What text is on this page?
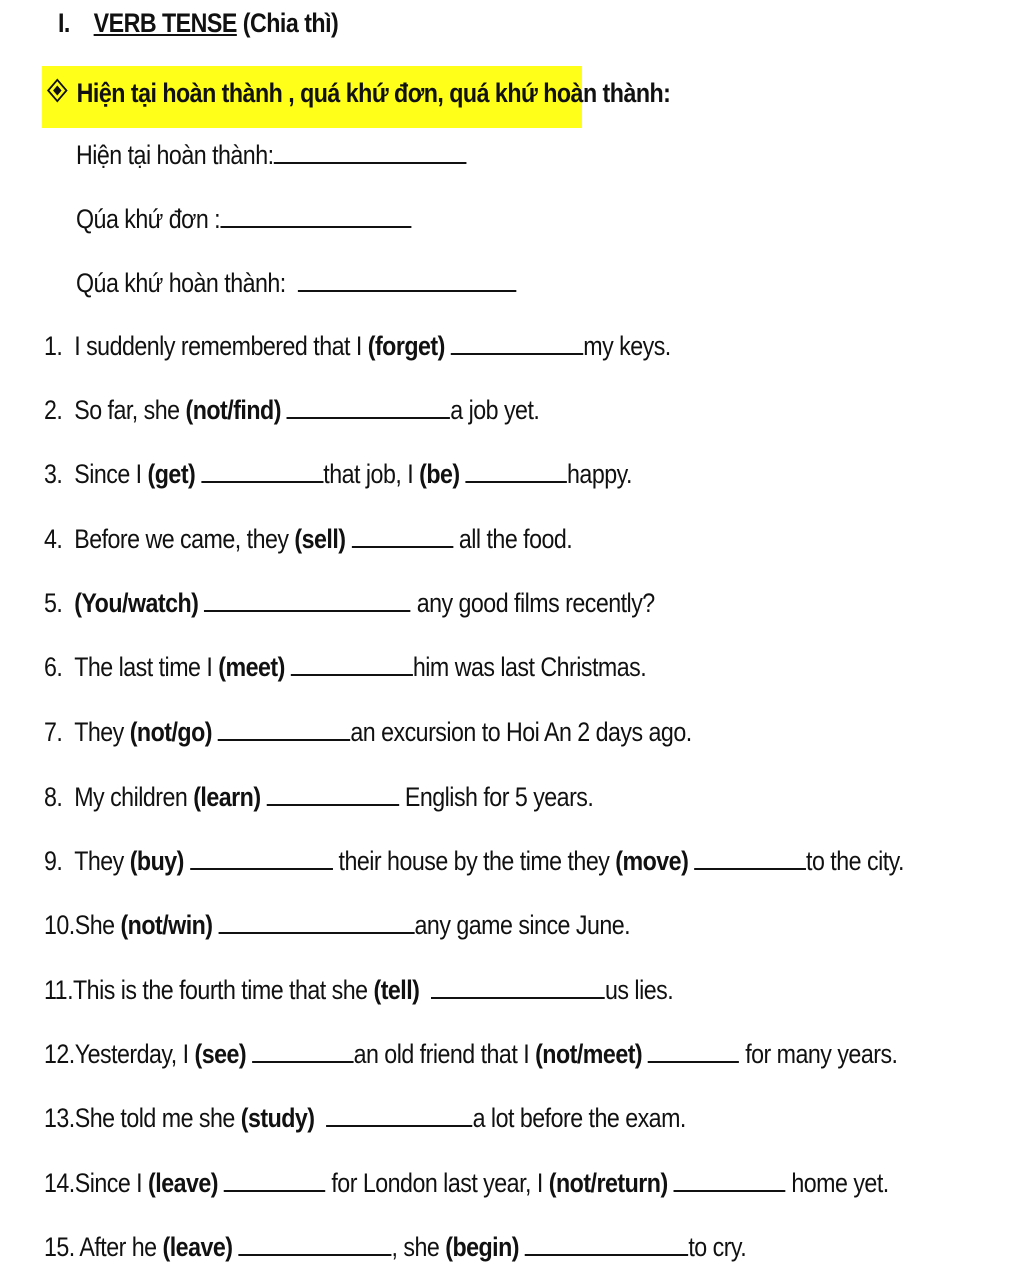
I. VERB TENSE (Chia thì)
Hiện tại hoàn thành , quá khứ đơn, quá khứ hoàn thành:
Hiện tại hoàn thành:
Qúa khứ đơn :
Qúa khứ hoàn thành:
1. I suddenly remembered that I (forget)	my keys.
2. So far, she (not/find)	a job yet.
3. Since I (get)	that job, I (be)	happy.
4. Before we came, they (sell)	all the food.
5. (You/watch)	any good films recently?
6. The last time I (meet)	him was last Christmas.
7. They (not/go)	an excursion to Hoi An 2 days ago.
8. My children (learn)	English for 5 years.
9. They (buy)	their house by the time they (move)	to the city.
10.She (not/win)	any game since June.
11.This is the fourth time that she (tell)	us lies.
12.Yesterday, I (see)	an old friend that I (not/meet)	for many years.
13.She told me she (study)	a lot before the exam.
14.Since I (leave)	for London last year, I (not/return)	home yet.
15. After he (leave)	, she (begin)	to cry.
